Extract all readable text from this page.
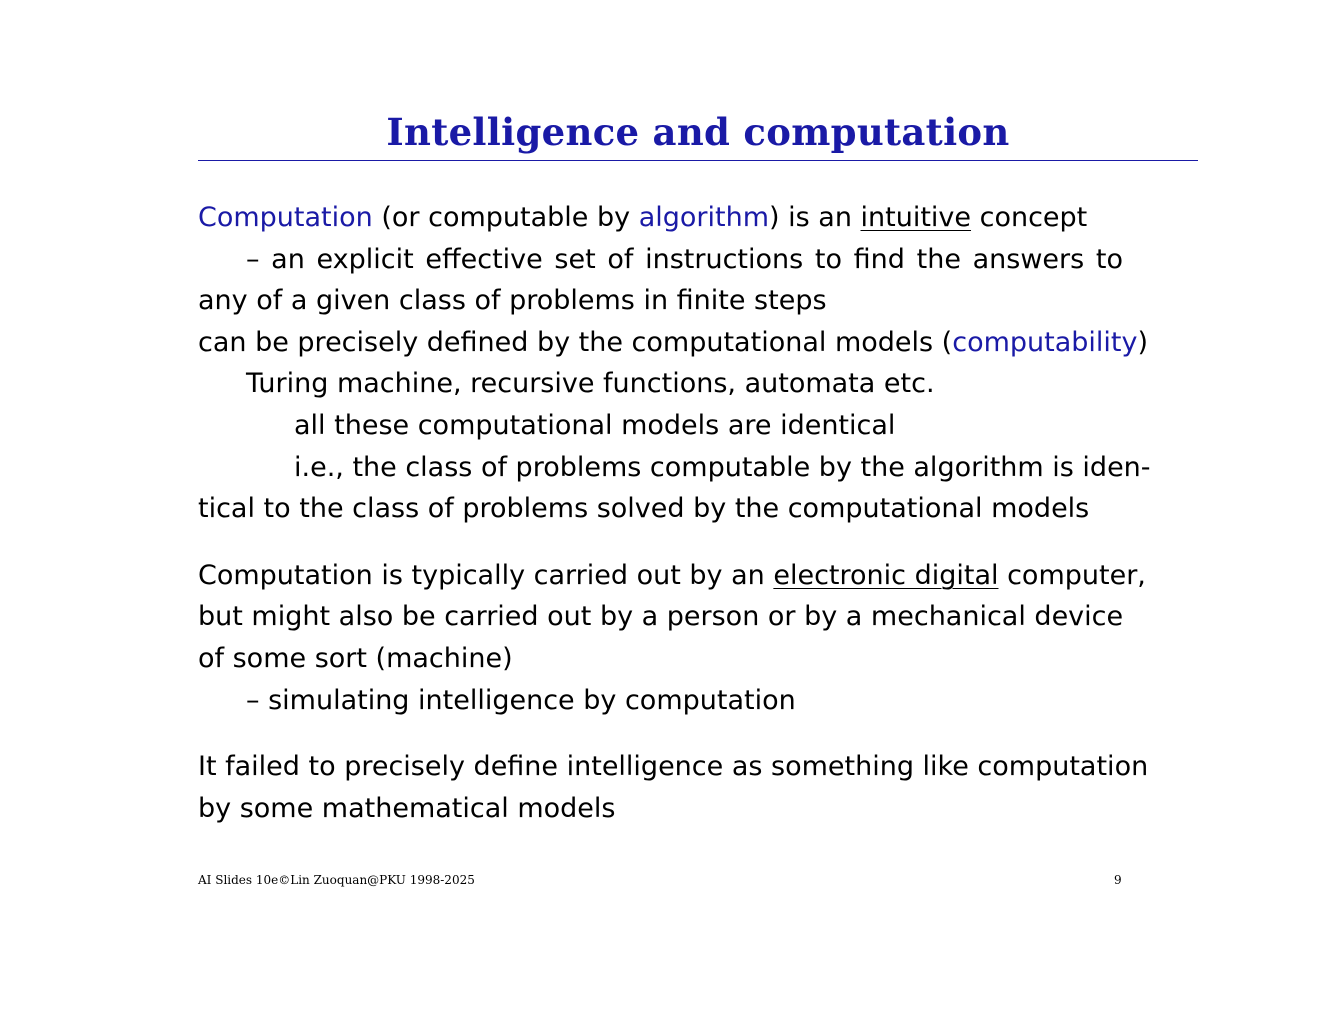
Intelligence and computation
Computation (or computable by algorithm) is an intuitive concept
– an explicit effective set of instructions to find the answers to
any of a given class of problems in finite steps
can be precisely defined by the computational models (computability)
Turing machine, recursive functions, automata etc.
all these computational models are identical
i.e., the class of problems computable by the algorithm is iden-
tical to the class of problems solved by the computational models
Computation is typically carried out by an electronic digital computer,
but might also be carried out by a person or by a mechanical device
of some sort (machine)
– simulating intelligence by computation
It failed to precisely define intelligence as something like computation
by some mathematical models
AI Slides 10e©Lin Zuoquan@PKU 1998-2025	9
